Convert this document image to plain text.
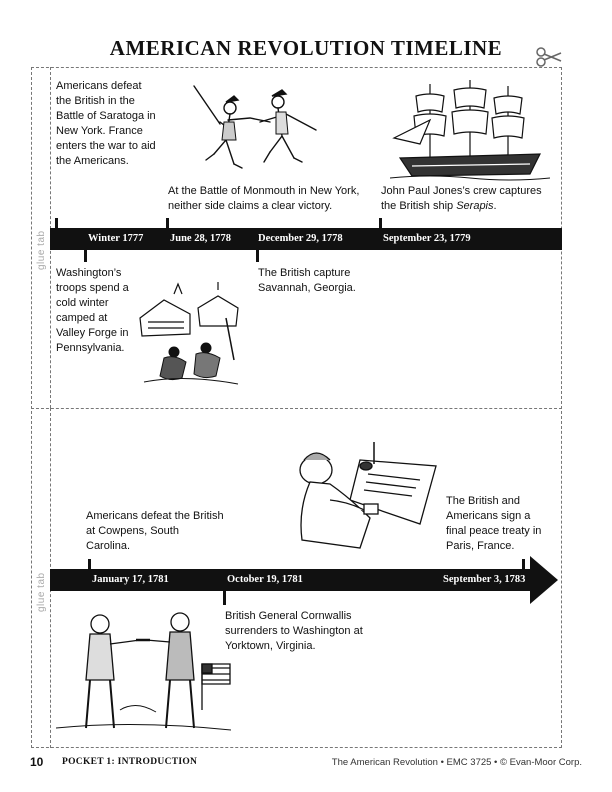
AMERICAN REVOLUTION TIMELINE
glue tab
glue tab
Winter 1777	June 28, 1778	December 29, 1778	September 23, 1779
Americans defeat the British in the Battle of Saratoga in New York. France enters the war to aid the Americans.
At the Battle of Monmouth in New York, neither side claims a clear victory.
John Paul Jones’s crew captures the British ship Serapis.
Washington’s troops spend a cold winter camped at Valley Forge in Pennsylvania.
The British capture Savannah, Georgia.
January 17, 1781	October 19, 1781	September 3, 1783
Americans defeat the British at Cowpens, South Carolina.
The British and Americans sign a final peace treaty in Paris, France.
British General Cornwallis surrenders to Washington at Yorktown, Virginia.
10 POCKET 1: INTRODUCTION	The American Revolution • EMC 3725 • © Evan-Moor Corp.
